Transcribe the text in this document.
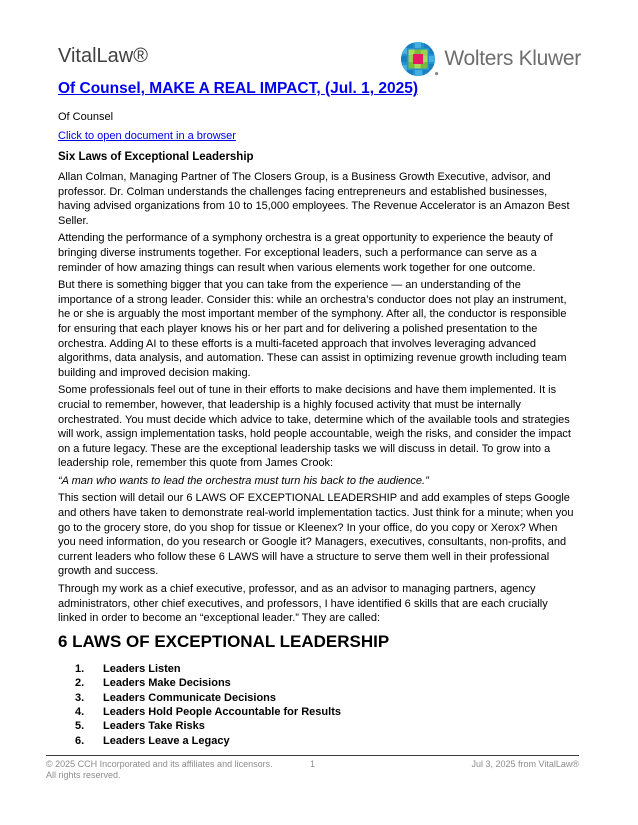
VitalLaw®	Wolters Kluwer
Of Counsel, MAKE A REAL IMPACT, (Jul. 1, 2025)
Of Counsel
Click to open document in a browser
Six Laws of Exceptional Leadership

Allan Colman, Managing Partner of The Closers Group, is a Business Growth Executive, advisor, and professor. Dr. Colman understands the challenges facing entrepreneurs and established businesses, having advised organizations from 10 to 15,000 employees. The Revenue Accelerator is an Amazon Best Seller.

Attending the performance of a symphony orchestra is a great opportunity to experience the beauty of bringing diverse instruments together. For exceptional leaders, such a performance can serve as a reminder of how amazing things can result when various elements work together for one outcome.

But there is something bigger that you can take from the experience — an understanding of the importance of a strong leader. Consider this: while an orchestra’s conductor does not play an instrument, he or she is arguably the most important member of the symphony. After all, the conductor is responsible for ensuring that each player knows his or her part and for delivering a polished presentation to the orchestra. Adding AI to these efforts is a multi-faceted approach that involves leveraging advanced algorithms, data analysis, and automation. These can assist in optimizing revenue growth including team building and improved decision making.

Some professionals feel out of tune in their efforts to make decisions and have them implemented. It is crucial to remember, however, that leadership is a highly focused activity that must be internally orchestrated. You must decide which advice to take, determine which of the available tools and strategies will work, assign implementation tasks, hold people accountable, weigh the risks, and consider the impact on a future legacy. These are the exceptional leadership tasks we will discuss in detail. To grow into a leadership role, remember this quote from James Crook:

“A man who wants to lead the orchestra must turn his back to the audience.”

This section will detail our 6 LAWS OF EXCEPTIONAL LEADERSHIP and add examples of steps Google and others have taken to demonstrate real-world implementation tactics. Just think for a minute; when you go to the grocery store, do you shop for tissue or Kleenex? In your office, do you copy or Xerox? When you need information, do you research or Google it? Managers, executives, consultants, non-profits, and current leaders who follow these 6 LAWS will have a structure to serve them well in their professional growth and success.

Through my work as a chief executive, professor, and as an advisor to managing partners, agency administrators, other chief executives, and professors, I have identified 6 skills that are each crucially linked in order to become an “exceptional leader.” They are called:

6 LAWS OF EXCEPTIONAL LEADERSHIP
1.	Leaders Listen
2.	Leaders Make Decisions
3.	Leaders Communicate Decisions
4.	Leaders Hold People Accountable for Results
5.	Leaders Take Risks
6.	Leaders Leave a Legacy
© 2025 CCH Incorporated and its affiliates and licensors.
All rights reserved.
1	Jul 3, 2025 from VitalLaw®
